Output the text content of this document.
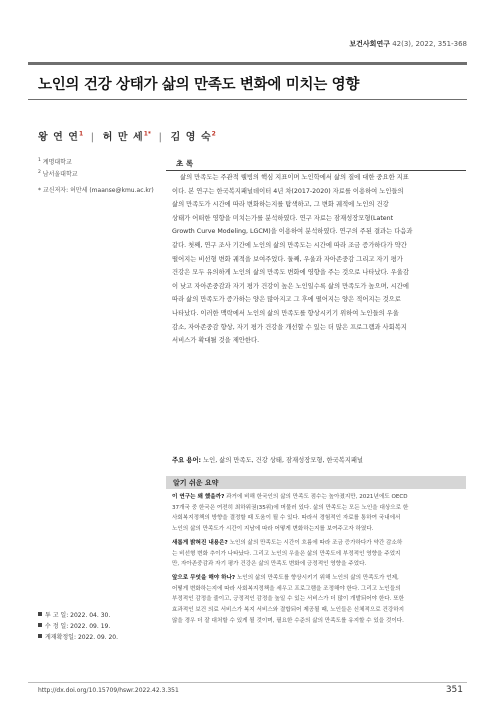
보건사회연구 42(3), 2022, 351-368
노인의 건강 상태가 삶의 만족도 변화에 미치는 영향
왕 연 연$^1$ | 허 만 세$^{1*}$ | 김 영 숙$^2$
$^1$ 계명대학교
$^2$ 남서울대학교
* 교신저자: 허만세 (maanse@kmu.ac.kr)
초 록
삶의 만족도는 주관적 웰빙의 핵심 지표이며 노인학에서 삶의 질에 대한 중요한 지표
이다. 본 연구는 한국복지패널데이터 4년 차(2017-2020) 자료를 이용하여 노인들의
삶의 만족도가 시간에 따라 변화하는지를 탐색하고, 그 변화 궤적에 노인의 건강
상태가 어떠한 영향을 미치는가를 분석하였다. 연구 자료는 잠재성장모형(Latent
Growth Curve Modeling, LGCM)을 이용하여 분석하였다. 연구의 주된 결과는 다음과
같다. 첫째, 연구 조사 기간에 노인의 삶의 만족도는 시간에 따라 조금 증가하다가 약간
떨어지는 비선형 변화 궤적을 보여주었다. 둘째, 우울과 자아존중감 그리고 자기 평가
건강은 모두 유의하게 노인의 삶의 만족도 변화에 영향을 주는 것으로 나타났다. 우울감
이 낮고 자아존중감과 자기 평가 건강이 높은 노인일수록 삶의 만족도가 높으며, 시간에
따라 삶의 만족도가 증가하는 양은 많아지고 그 후에 떨어지는 양은 적어지는 것으로
나타났다. 이러한 맥락에서 노인의 삶의 만족도를 향상시키기 위하여 노인들의 우울
감소, 자아존중감 향상, 자기 평가 건강을 개선할 수 있는 더 많은 프로그램과 사회복지
서비스가 확대될 것을 제안한다.
주요 용어: 노인, 삶의 만족도, 건강 상태, 잠재성장모형, 한국복지패널
알기 쉬운 요약
이 연구는 왜 했을까? 과거에 비해 한국인의 삶의 만족도 점수는 높아졌지만, 2021년에도 OECD
37개국 중 한국은 여전히 최하위권(35위)에 머물러 있다. 삶의 만족도는 모든 노인을 대상으로 한
사회복지정책의 방향을 결정할 때 도움이 될 수 있다. 따라서 경험적인 자료를 통하여 국내에서
노인의 삶의 만족도가 시간이 지남에 따라 어떻게 변화하는지를 보여주고자 하였다.
새롭게 밝혀진 내용은? 노인의 삶의 만족도는 시간이 흐름에 따라 조금 증가하다가 약간 감소하
는 비선형 변화 추이가 나타났다. 그리고 노인의 우울은 삶의 만족도에 부정적인 영향을 주었지
만, 자아존중감과 자기 평가 건강은 삶의 만족도 변화에 긍정적인 영향을 주었다.
앞으로 무엇을 해야 하나? 노인의 삶의 만족도를 향상시키기 위해 노인의 삶의 만족도가 언제,
어떻게 변화하는지에 따라 사회복지정책을 세우고 프로그램을 조정해야 한다. 그리고 노인들의
부정적인 감정을 줄이고, 긍정적인 감정을 높일 수 있는 서비스가 더 많이 개발되어야 한다. 또한
효과적인 보건 의료 서비스가 복지 서비스와 결합되어 제공될 때, 노인들은 신체적으로 건강하지
않을 경우 더 잘 대처할 수 있게 될 것이며, 필요한 수준의 삶의 만족도를 유지할 수 있을 것이다.
투 고 일: 2022. 04. 30.
수 정 일: 2022. 09. 19.
게재확정일: 2022. 09. 20.
http://dx.doi.org/10.15709/hswr.2022.42.3.351	351
